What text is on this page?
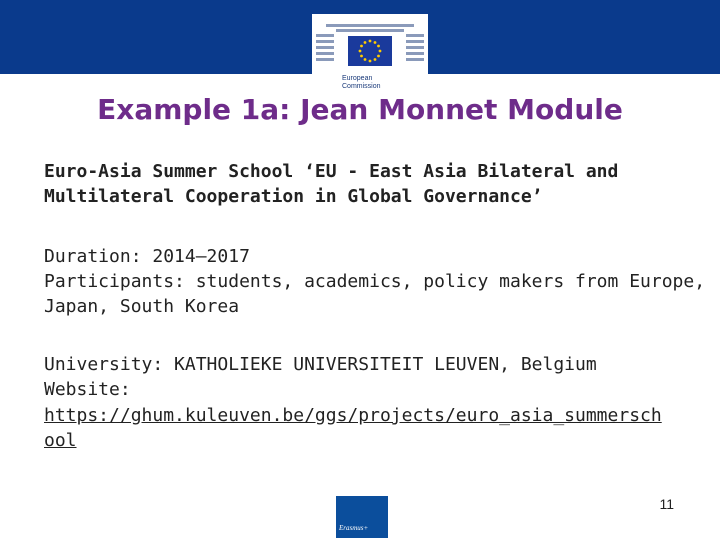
European
Commission
Example 1a: Jean Monnet Module
Euro-Asia Summer School ‘EU - East Asia Bilateral and
Multilateral Cooperation in Global Governance’
Duration: 2014–2017
Participants: students, academics, policy makers from Europe,
Japan, South Korea
University: KATHOLIEKE UNIVERSITEIT LEUVEN, Belgium
Website:
https://ghum.kuleuven.be/ggs/projects/euro_asia_summersch
ool
Erasmus+
11
